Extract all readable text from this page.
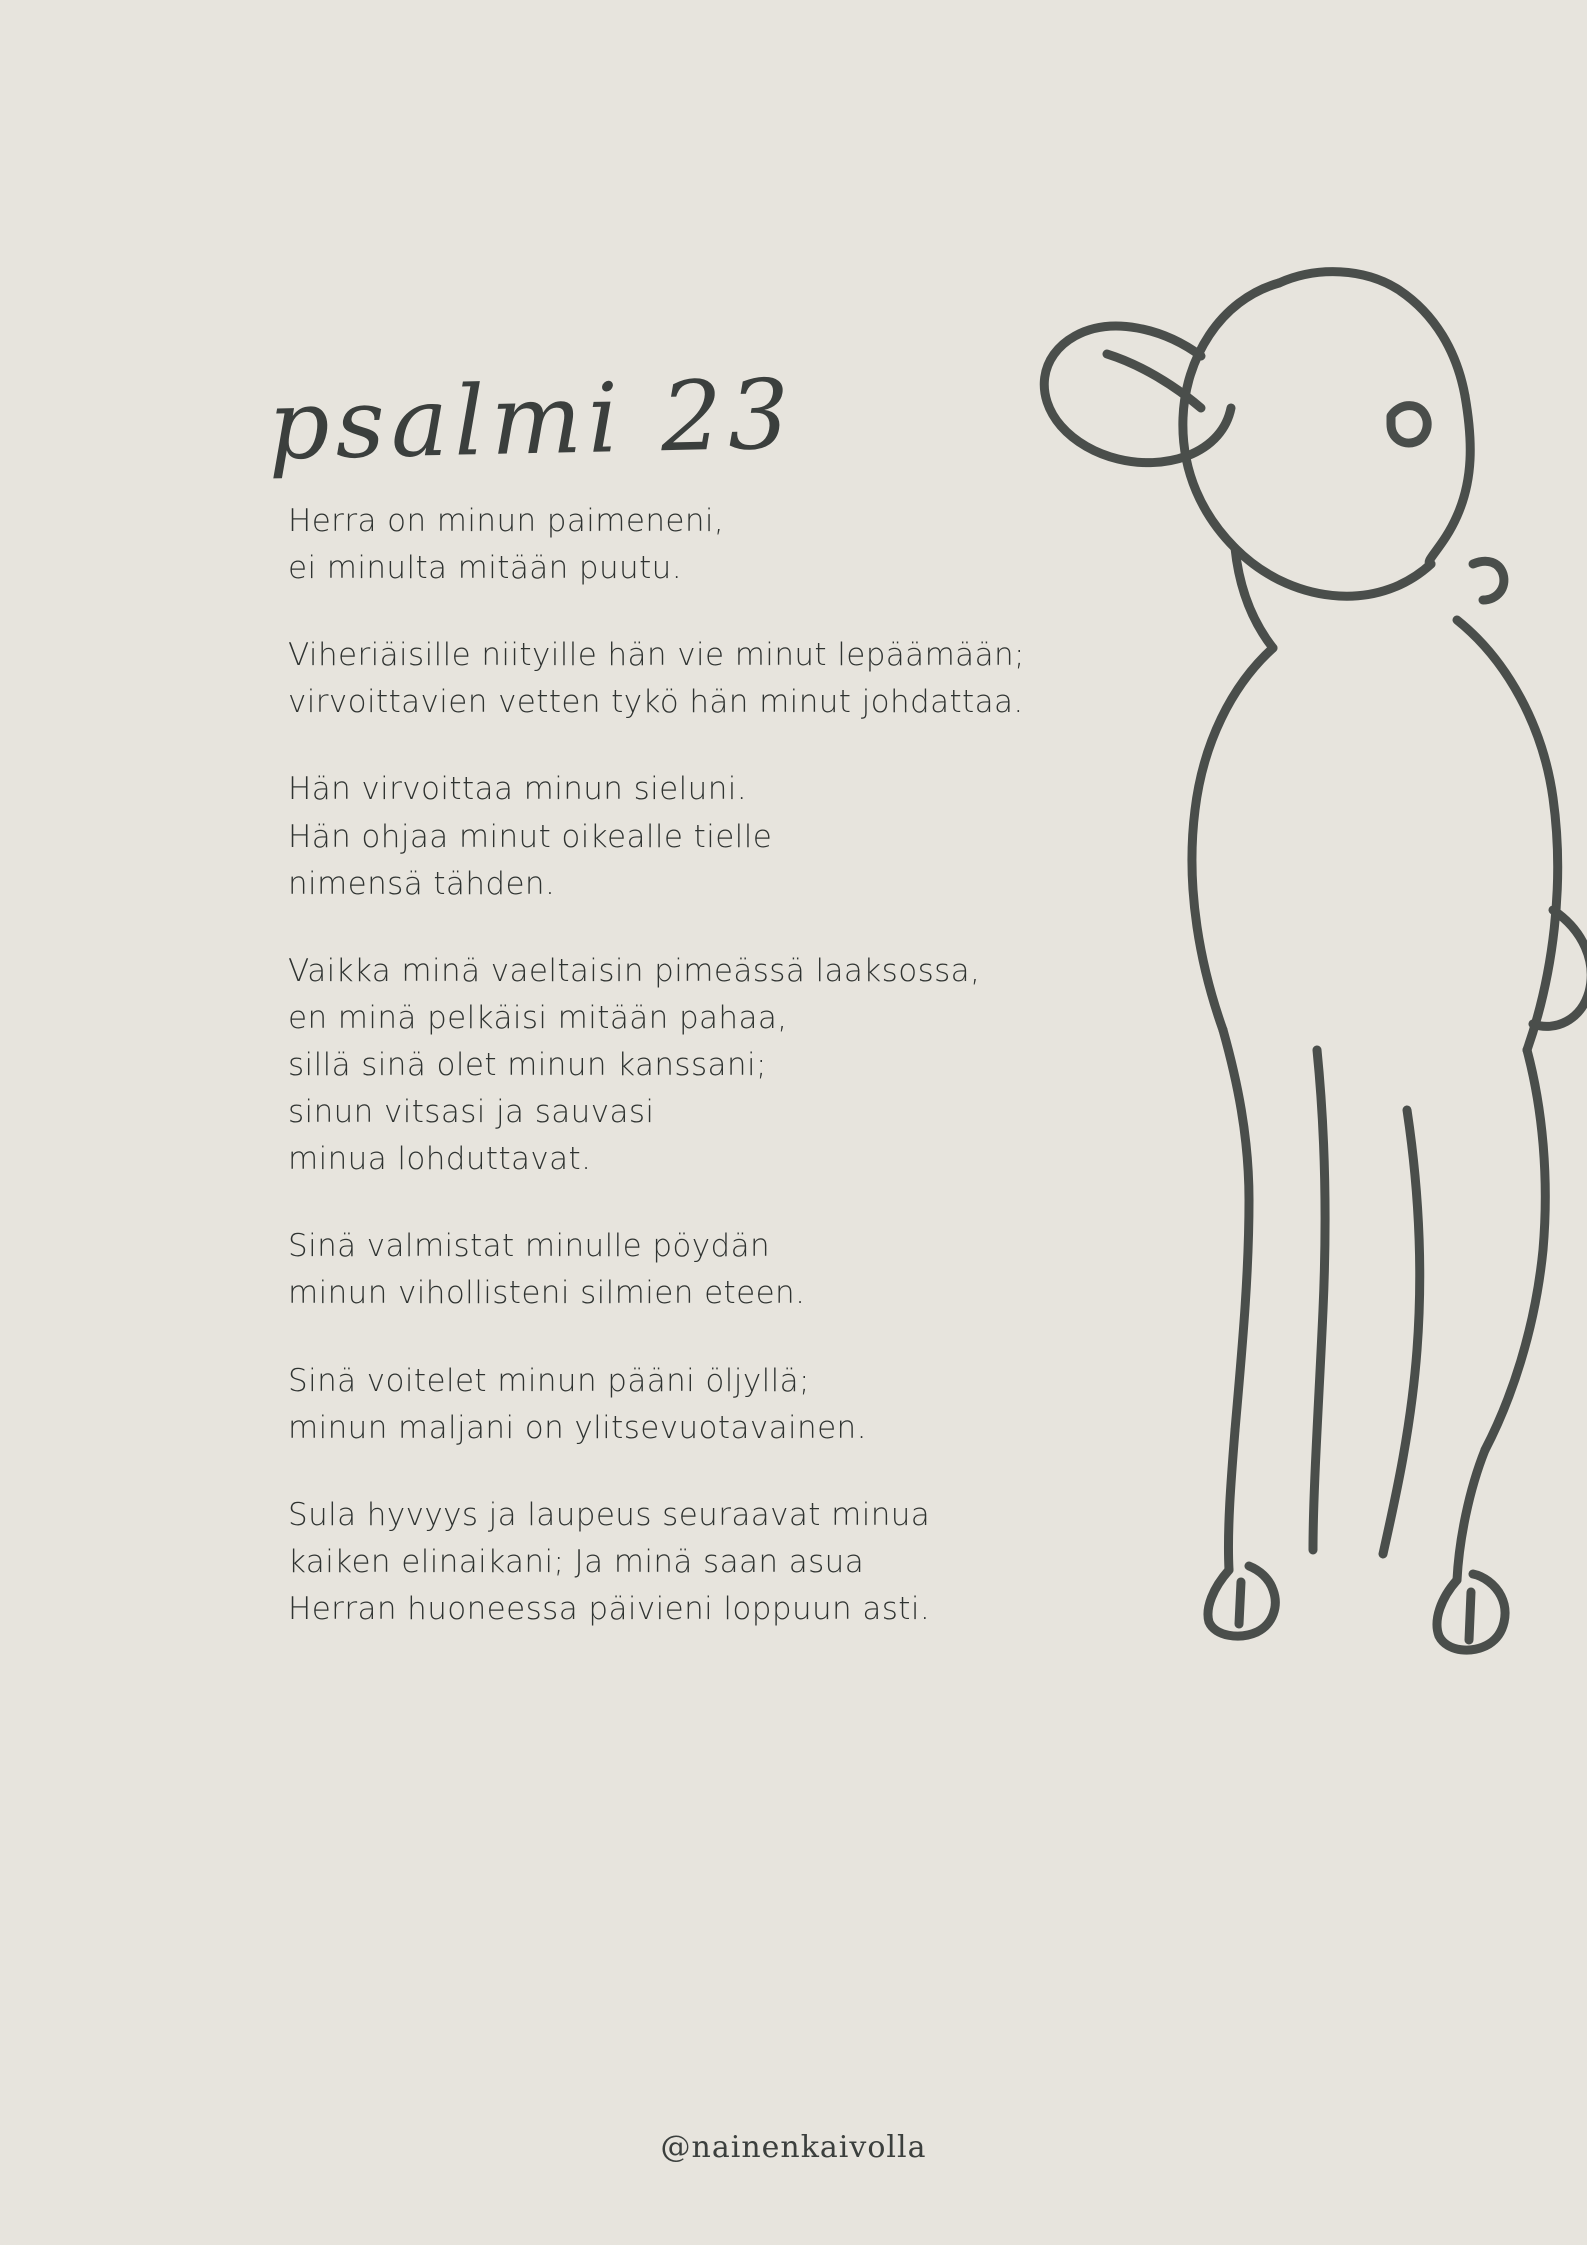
psalmi 23

Herra on minun paimeneni,
ei minulta mitään puutu.

Viheriäisille niityille hän vie minut lepäämään;
virvoittavien vetten tykö hän minut johdattaa.

Hän virvoittaa minun sieluni.
Hän ohjaa minut oikealle tielle
nimensä tähden.

Vaikka minä vaeltaisin pimeässä laaksossa,
en minä pelkäisi mitään pahaa,
sillä sinä olet minun kanssani;
sinun vitsasi ja sauvasi
minua lohduttavat.

Sinä valmistat minulle pöydän
minun vihollisteni silmien eteen.

Sinä voitelet minun pääni öljyllä;
minun maljani on ylitsevuotavainen.

Sula hyvyys ja laupeus seuraavat minua
kaiken elinaikani; Ja minä saan asua
Herran huoneessa päivieni loppuun asti.

@nainenkaivolla
